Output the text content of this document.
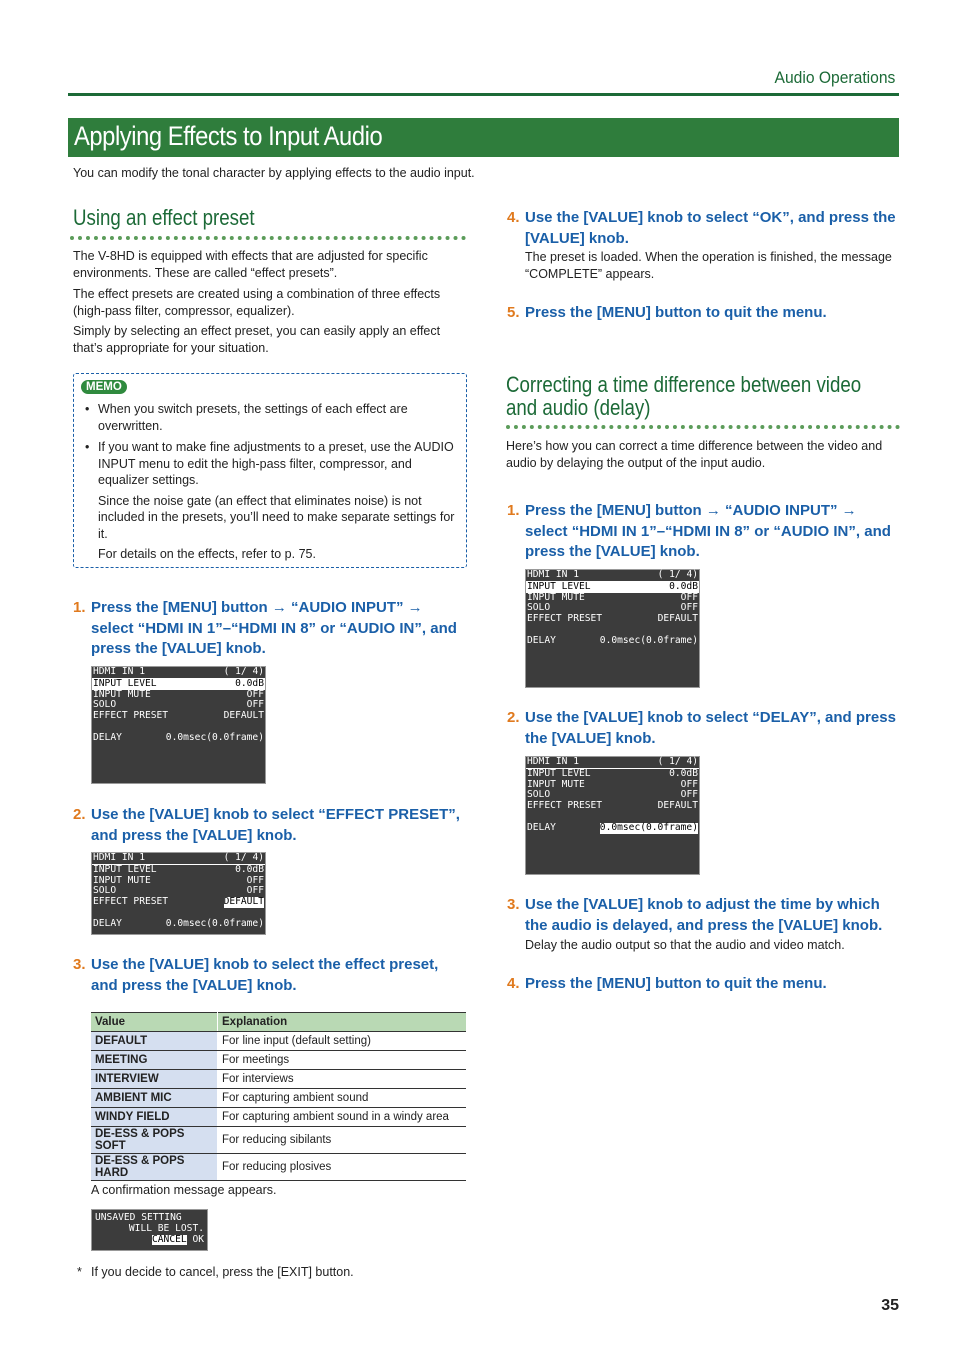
Audio Operations
Applying Effects to Input Audio
You can modify the tonal character by applying effects to the audio input.
Using an effect preset
The V-8HD is equipped with effects that are adjusted for specific environments. These are called “effect presets”.
The effect presets are created using a combination of three effects (high-pass filter, compressor, equalizer).
Simply by selecting an effect preset, you can easily apply an effect that’s appropriate for your situation.
MEMO
• When you switch presets, the settings of each effect are overwritten.
• If you want to make fine adjustments to a preset, use the AUDIO INPUT menu to edit the high-pass filter, compressor, and equalizer settings.
Since the noise gate (an effect that eliminates noise) is not included in the presets, you’ll need to make separate settings for it.
For details on the effects, refer to p. 75.
1. Press the [MENU] button → “AUDIO INPUT” → select “HDMI IN 1”–“HDMI IN 8” or “AUDIO IN”, and press the [VALUE] knob.
HDMI IN 1	( 1/ 4)
INPUT LEVEL	0.0dB
INPUT MUTE	OFF
SOLO	OFF
EFFECT PRESET	DEFAULT
DELAY	0.0msec(0.0frame)
2. Use the [VALUE] knob to select “EFFECT PRESET”, and press the [VALUE] knob.
HDMI IN 1	( 1/ 4)
INPUT LEVEL	0.0dB
INPUT MUTE	OFF
SOLO	OFF
EFFECT PRESET	DEFAULT
DELAY	0.0msec(0.0frame)
3. Use the [VALUE] knob to select the effect preset, and press the [VALUE] knob.
Value	Explanation
DEFAULT	For line input (default setting)
MEETING	For meetings
INTERVIEW	For interviews
AMBIENT MIC	For capturing ambient sound
WINDY FIELD	For capturing ambient sound in a windy area
DE-ESS & POPS SOFT	For reducing sibilants
DE-ESS & POPS HARD	For reducing plosives
A confirmation message appears.
UNSAVED SETTING
WILL BE LOST.
CANCEL
OK
* If you decide to cancel, press the [EXIT] button.
4. Use the [VALUE] knob to select “OK”, and press the [VALUE] knob.
The preset is loaded. When the operation is finished, the message “COMPLETE” appears.
5. Press the [MENU] button to quit the menu.
Correcting a time difference between video and audio (delay)
Here’s how you can correct a time difference between the video and audio by delaying the output of the input audio.
1. Press the [MENU] button → “AUDIO INPUT” → select “HDMI IN 1”–“HDMI IN 8” or “AUDIO IN”, and press the [VALUE] knob.
HDMI IN 1	( 1/ 4)
INPUT LEVEL	0.0dB
INPUT MUTE	OFF
SOLO	OFF
EFFECT PRESET	DEFAULT
DELAY	0.0msec(0.0frame)
2. Use the [VALUE] knob to select “DELAY”, and press the [VALUE] knob.
HDMI IN 1	( 1/ 4)
INPUT LEVEL	0.0dB
INPUT MUTE	OFF
SOLO	OFF
EFFECT PRESET	DEFAULT
DELAY	0.0msec(0.0frame)
3. Use the [VALUE] knob to adjust the time by which the audio is delayed, and press the [VALUE] knob.
Delay the audio output so that the audio and video match.
4. Press the [MENU] button to quit the menu.
35
